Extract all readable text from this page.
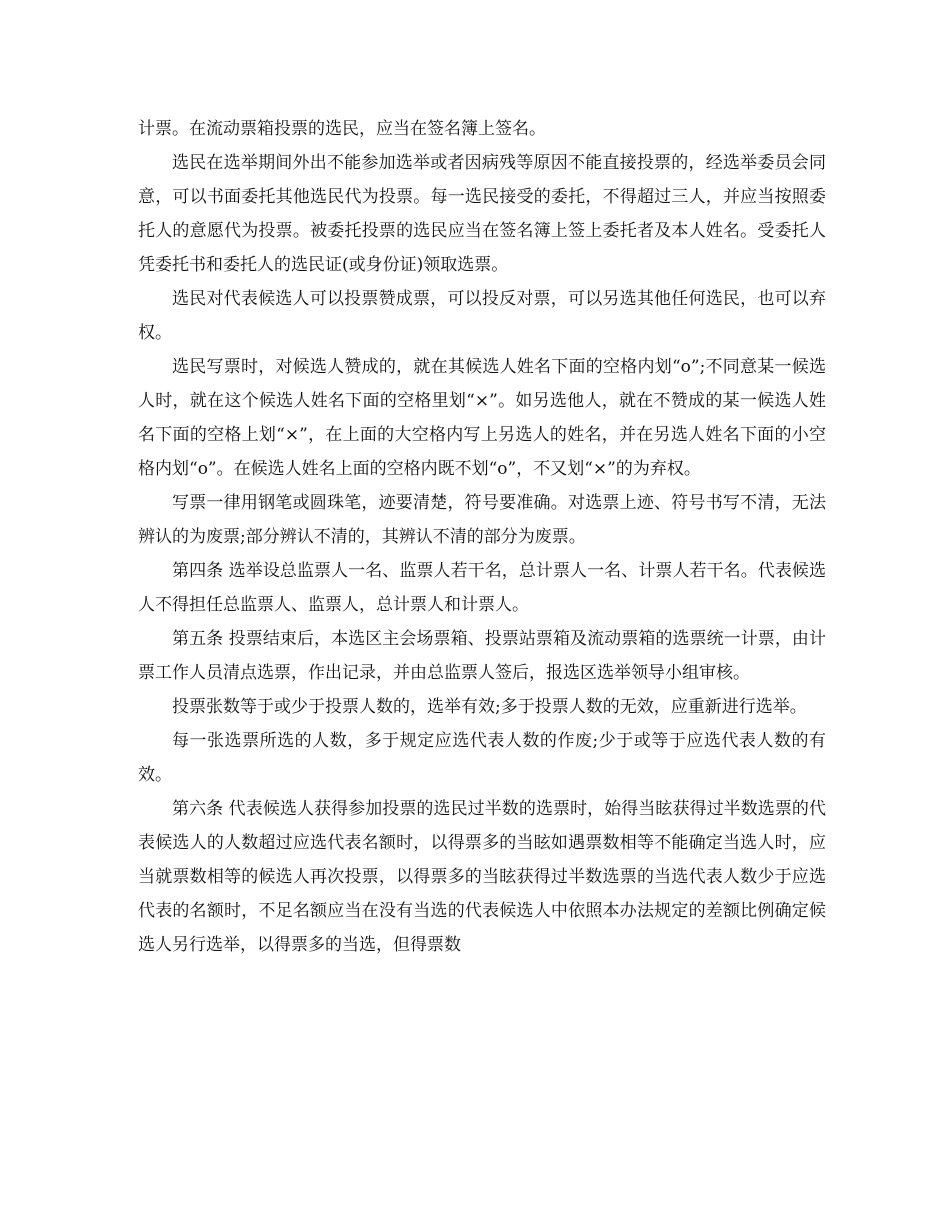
计票。在流动票箱投票的选民，应当在签名簿上签名。

选民在选举期间外出不能参加选举或者因病残等原因不能直接投票的，经选举委员会同意，可以书面委托其他选民代为投票。每一选民接受的委托，不得超过三人，并应当按照委托人的意愿代为投票。被委托投票的选民应当在签名簿上签上委托者及本人姓名。受委托人凭委托书和委托人的选民证(或身份证)领取选票。

选民对代表候选人可以投票赞成票，可以投反对票，可以另选其他任何选民，也可以弃权。

选民写票时，对候选人赞成的，就在其候选人姓名下面的空格内划“o”;不同意某一候选人时，就在这个候选人姓名下面的空格里划“×”。如另选他人，就在不赞成的某一候选人姓名下面的空格上划“×”，在上面的大空格内写上另选人的姓名，并在另选人姓名下面的小空格内划“o”。在候选人姓名上面的空格内既不划“o”，不又划“×”的为弃权。

写票一律用钢笔或圆珠笔，迹要清楚，符号要准确。对选票上迹、符号书写不清，无法辨认的为废票;部分辨认不清的，其辨认不清的部分为废票。

第四条 选举设总监票人一名、监票人若干名，总计票人一名、计票人若干名。代表候选人不得担任总监票人、监票人，总计票人和计票人。

第五条 投票结束后，本选区主会场票箱、投票站票箱及流动票箱的选票统一计票，由计票工作人员清点选票，作出记录，并由总监票人签后，报选区选举领导小组审核。

投票张数等于或少于投票人数的，选举有效;多于投票人数的无效，应重新进行选举。

每一张选票所选的人数，多于规定应选代表人数的作废;少于或等于应选代表人数的有效。

第六条 代表候选人获得参加投票的选民过半数的选票时，始得当眩获得过半数选票的代表候选人的人数超过应选代表名额时，以得票多的当眩如遇票数相等不能确定当选人时，应当就票数相等的候选人再次投票，以得票多的当眩获得过半数选票的当选代表人数少于应选代表的名额时，不足名额应当在没有当选的代表候选人中依照本办法规定的差额比例确定候选人另行选举，以得票多的当选，但得票数
